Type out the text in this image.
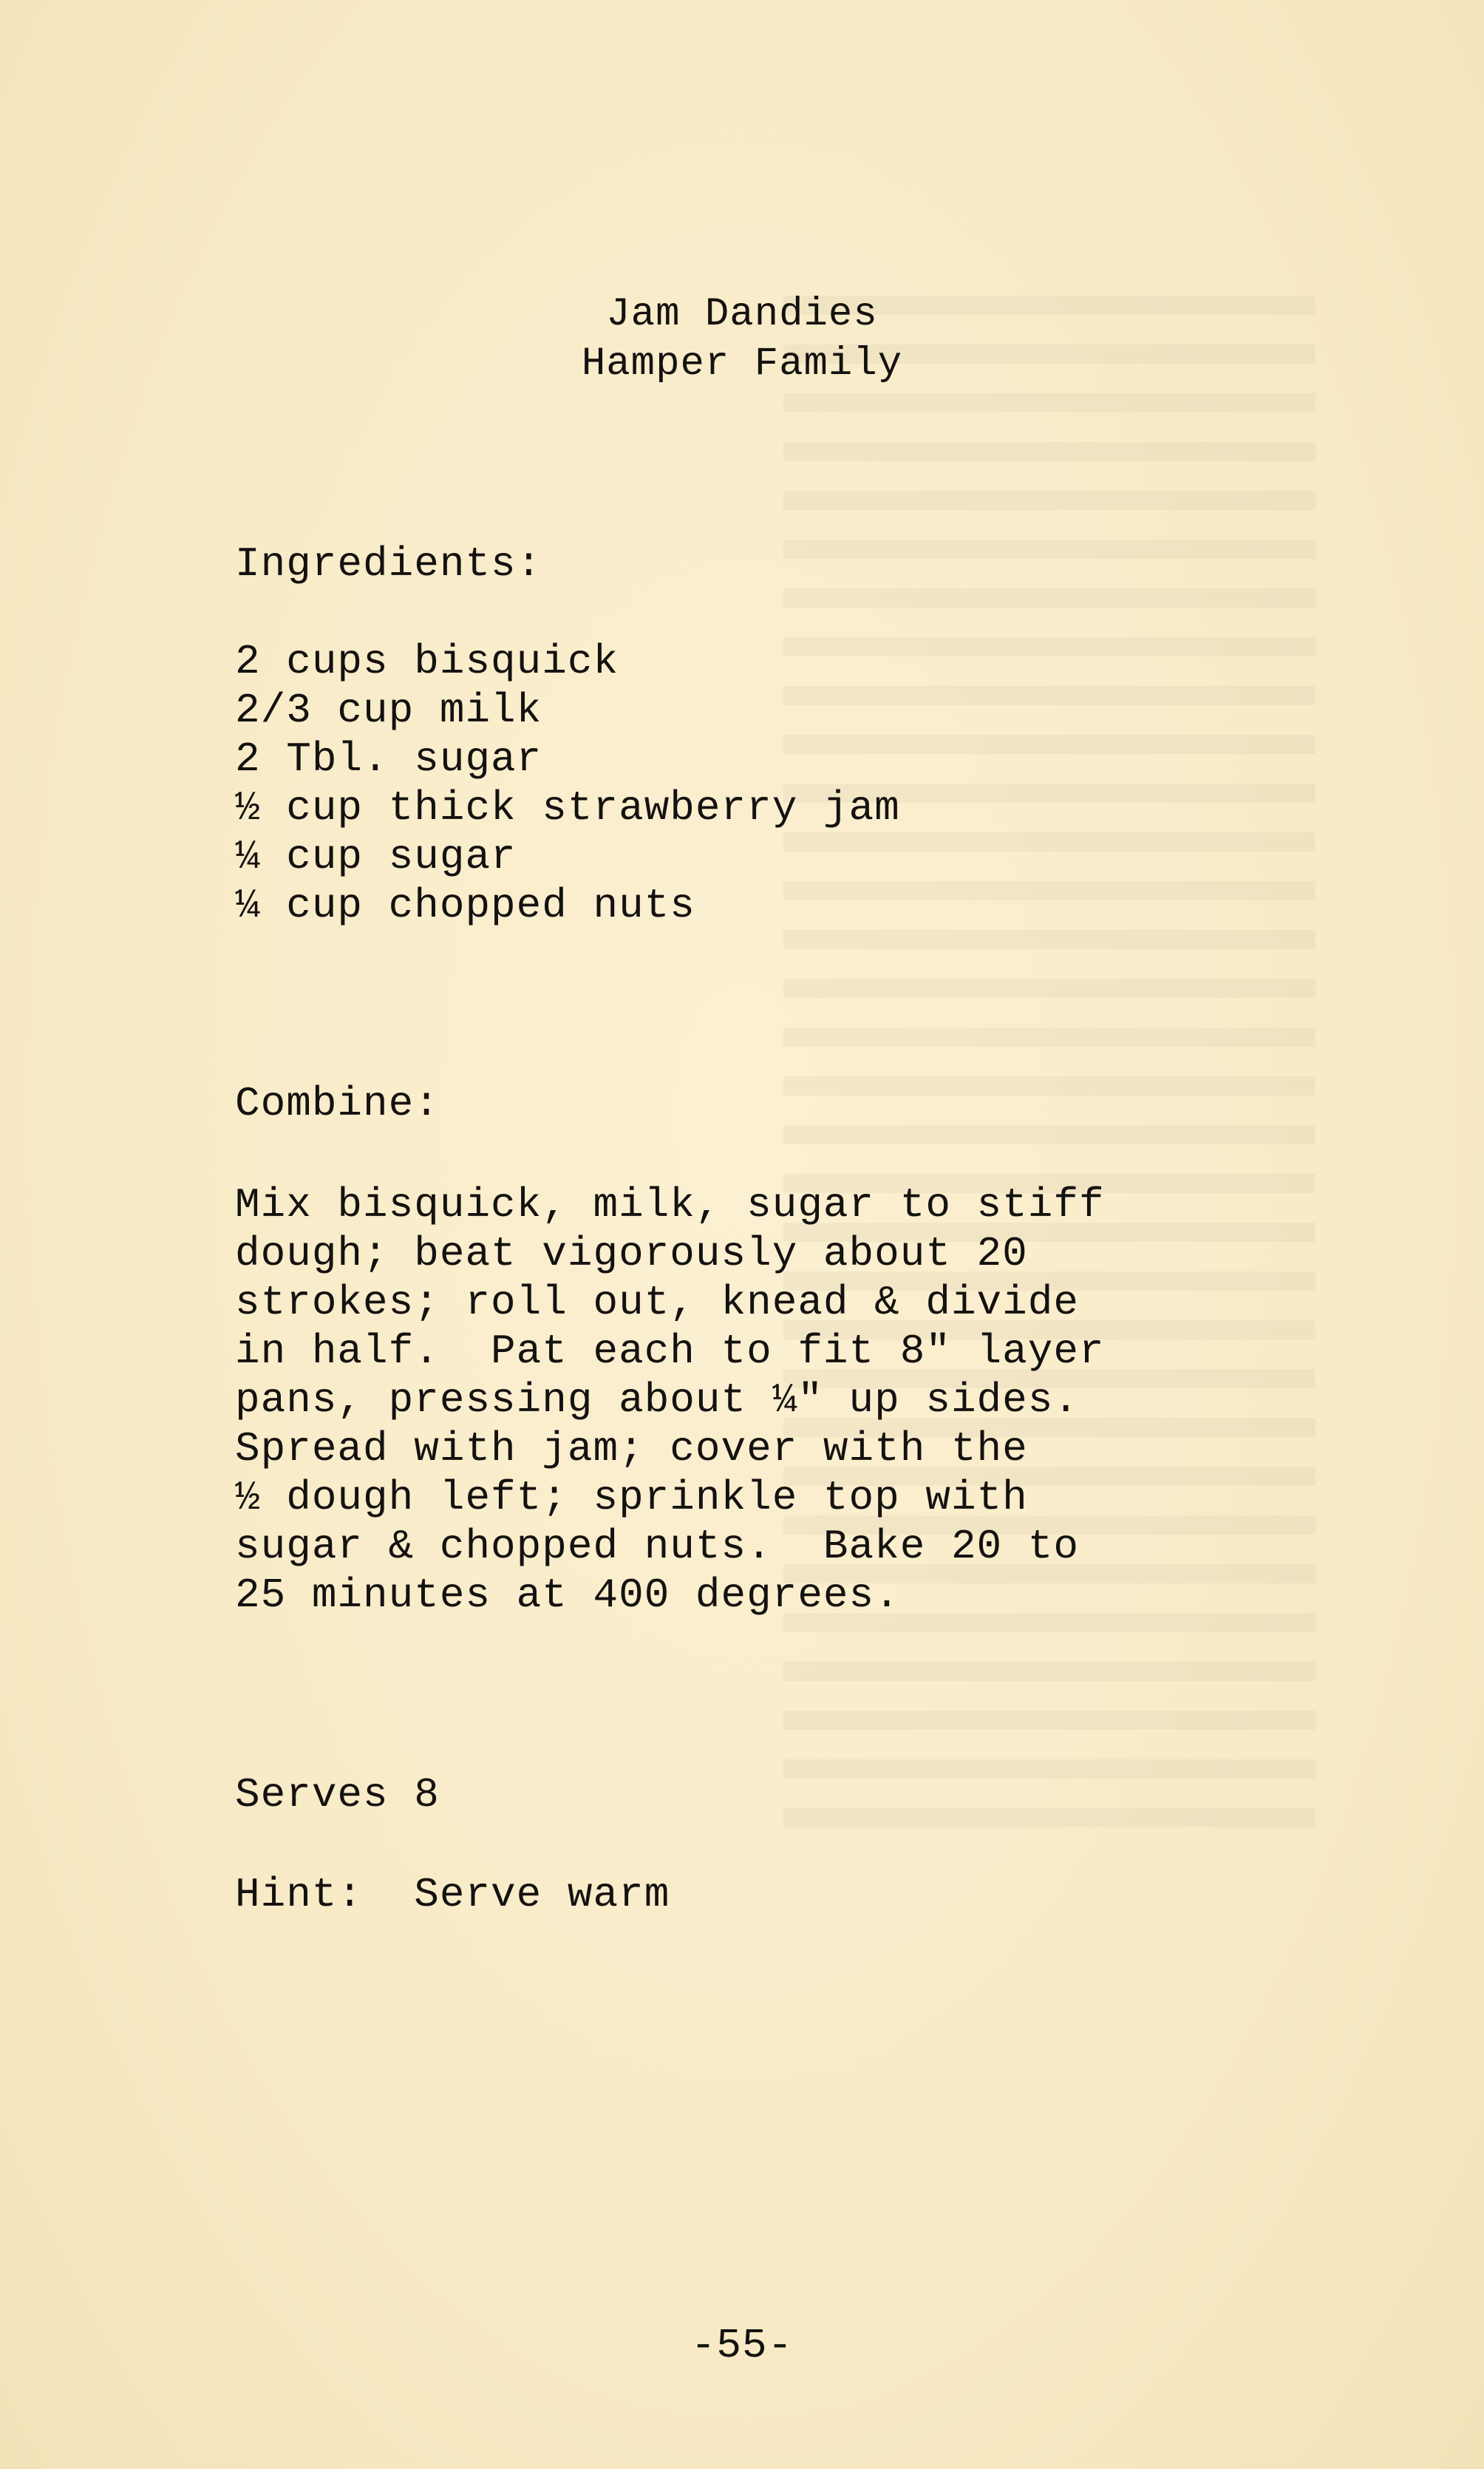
Jam Dandies
Hamper Family
Ingredients:
2 cups bisquick
2/3 cup milk
2 Tbl. sugar
½ cup thick strawberry jam
¼ cup sugar
¼ cup chopped nuts
Combine:
Mix bisquick, milk, sugar to stiff
dough; beat vigorously about 20
strokes; roll out, knead & divide
in half.  Pat each to fit 8" layer
pans, pressing about ¼" up sides.
Spread with jam; cover with the
½ dough left; sprinkle top with
sugar & chopped nuts.  Bake 20 to
25 minutes at 400 degrees.
Serves 8
Hint:  Serve warm
-55-
